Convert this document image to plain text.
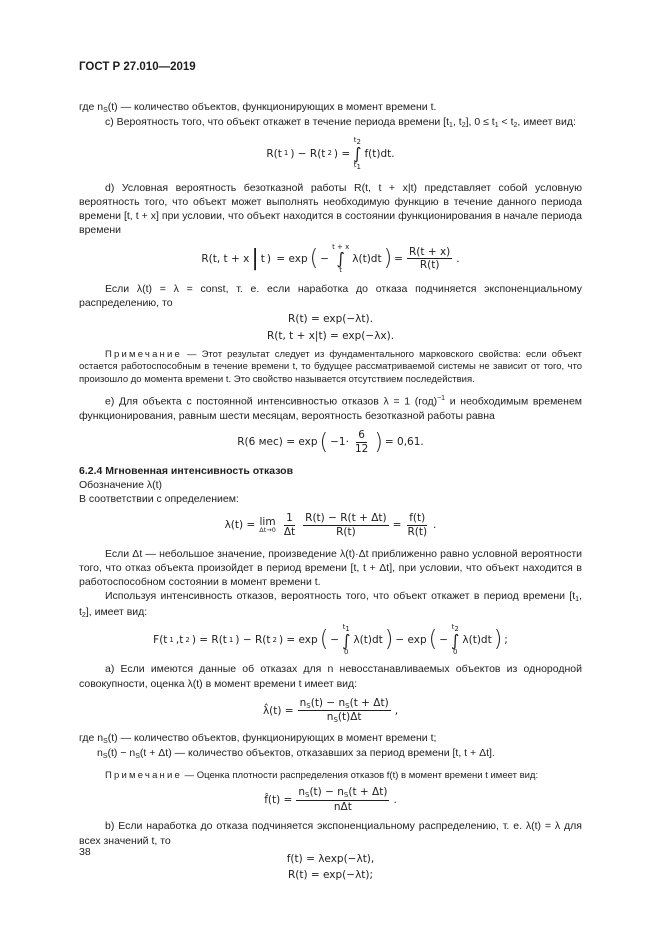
ГОСТ Р 27.010—2019

где $n_S(t)$ — количество объектов, функционирующих в момент времени t.

c) Вероятность того, что объект откажет в течение периода времени [$t_1$, $t_2$], $0 \le t_1 < t_2$, имеет вид:

R(t 1 ) − R(t 2 ) =
$t_2$
∫
$t_1$
f(t)dt.

d) Условная вероятность безотказной работы R(t, t + x|t) представляет собой условную вероятность того, что объект может выполнять необходимую функцию в течение данного периода времени [t, t + x] при условии, что объект находится в состоянии функционирования в начале периода времени

R(t, t + x | t ) = exp ( −
t + x
∫
t
λ(t)dt ) = $\frac{R(t + x)}{R(t)}$ .

Если λ(t) = λ = const, т. е. если наработка до отказа подчиняется экспоненциальному распределению, то

R(t) = exp(−λt).
R(t, t + x|t) = exp(−λx).

Примечание — Этот результат следует из фундаментального марковского свойства: если объект остается работоспособным в течение времени t, то будущее рассматриваемой системы не зависит от того, что произошло до момента времени t. Это свойство называется отсутствием последействия.

e) Для объекта с постоянной интенсивностью отказов λ = 1 (год)$^{-1}$ и необходимым временем функционирования, равным шести месяцам, вероятность безотказной работы равна

R(6 мес) = exp ( $-1\cdot \frac{6}{12}$ ) = 0,61.
6.2.4 Мгновенная интенсивность отказов

Обозначение λ(t)

В соответствии с определением:

λ(t) = lim
$\Delta t\to 0 \frac{1}{\Delta t} \frac{R(t) - R(t + \Delta t)}{R(t)} = \frac{f(t)}{R(t)}$ .

Если Δt — небольшое значение, произведение λ(t)·Δt приближенно равно условной вероятности того, что отказ объекта произойдет в период времени [t, t + Δt], при условии, что объект находится в работоспособном состоянии в момент времени t.

Используя интенсивность отказов, вероятность того, что объект откажет в период времени [$t_1$, $t_2$], имеет вид:

F(t 1 ,t 2 ) = R(t 1 ) − R(t 2 ) = exp ( −
$t_1$
∫
0
λ(t)dt ) − exp ( −
$t_2$
∫
0
λ(t)dt ) ;

a) Если имеются данные об отказах для n невосстанавливаемых объектов из однородной совокупности, оценка λ(t) в момент времени t имеет вид:

λ̂(t) = $\frac{n_S(t) - n_S(t + \Delta t)}{n_S(t)\Delta t}$ ,

где $n_S(t)$ — количество объектов, функционирующих в момент времени t;

$n_S(t) - n_S(t + \Delta t)$ — количество объектов, отказавших за период времени [t, t + Δt].

Примечание — Оценка плотности распределения отказов f(t) в момент времени t имеет вид:

f̂(t) = $\frac{n_S(t) - n_S(t + \Delta t)}{\text{nΔt}}$ .

b) Если наработка до отказа подчиняется экспоненциальному распределению, т. е. λ(t) = λ для всех значений t, то

f(t) = λexp(−λt),
R(t) = exp(−λt);
38
